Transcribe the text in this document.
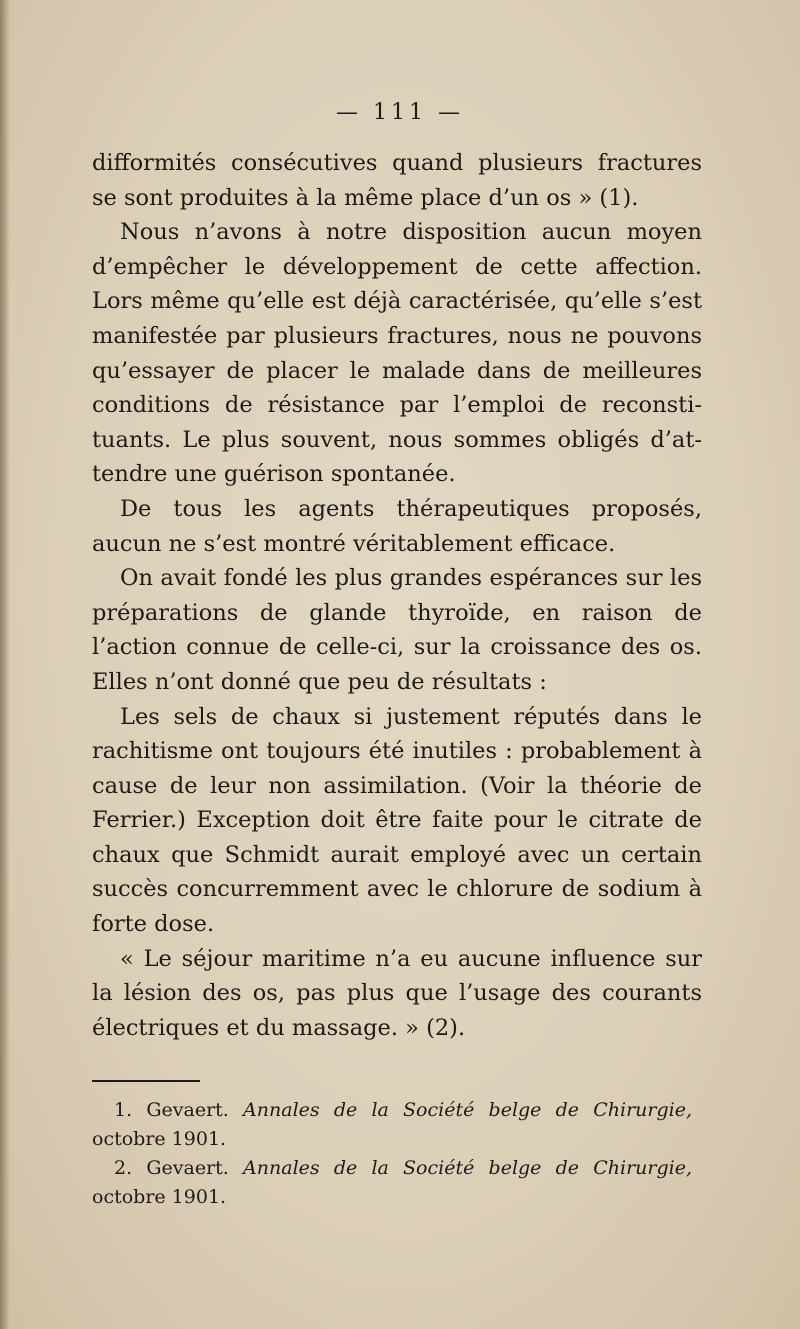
— 111 —

difformités consécutives quand plusieurs fractures se sont produites à la même place d’un os » (1).

Nous n’avons à notre disposition aucun moyen d’empêcher le développement de cette affection. Lors même qu’elle est déjà caractérisée, qu’elle s’est manifestée par plusieurs fractures, nous ne pouvons qu’essayer de placer le malade dans de meilleures conditions de résistance par l’emploi de reconsti-tuants. Le plus souvent, nous sommes obligés d’at-tendre une guérison spontanée.

De tous les agents thérapeutiques proposés, aucun ne s’est montré véritablement efficace.

On avait fondé les plus grandes espérances sur les préparations de glande thyroïde, en raison de l’action connue de celle-ci, sur la croissance des os. Elles n’ont donné que peu de résultats :

Les sels de chaux si justement réputés dans le rachitisme ont toujours été inutiles : probablement à cause de leur non assimilation. (Voir la théorie de Ferrier.) Exception doit être faite pour le citrate de chaux que Schmidt aurait employé avec un certain succès concurremment avec le chlorure de sodium à forte dose.

« Le séjour maritime n’a eu aucune influence sur la lésion des os, pas plus que l’usage des courants électriques et du massage. » (2).

1. Gevaert. Annales de la Société belge de Chirurgie, octobre 1901.

2. Gevaert. Annales de la Société belge de Chirurgie, octobre 1901.
